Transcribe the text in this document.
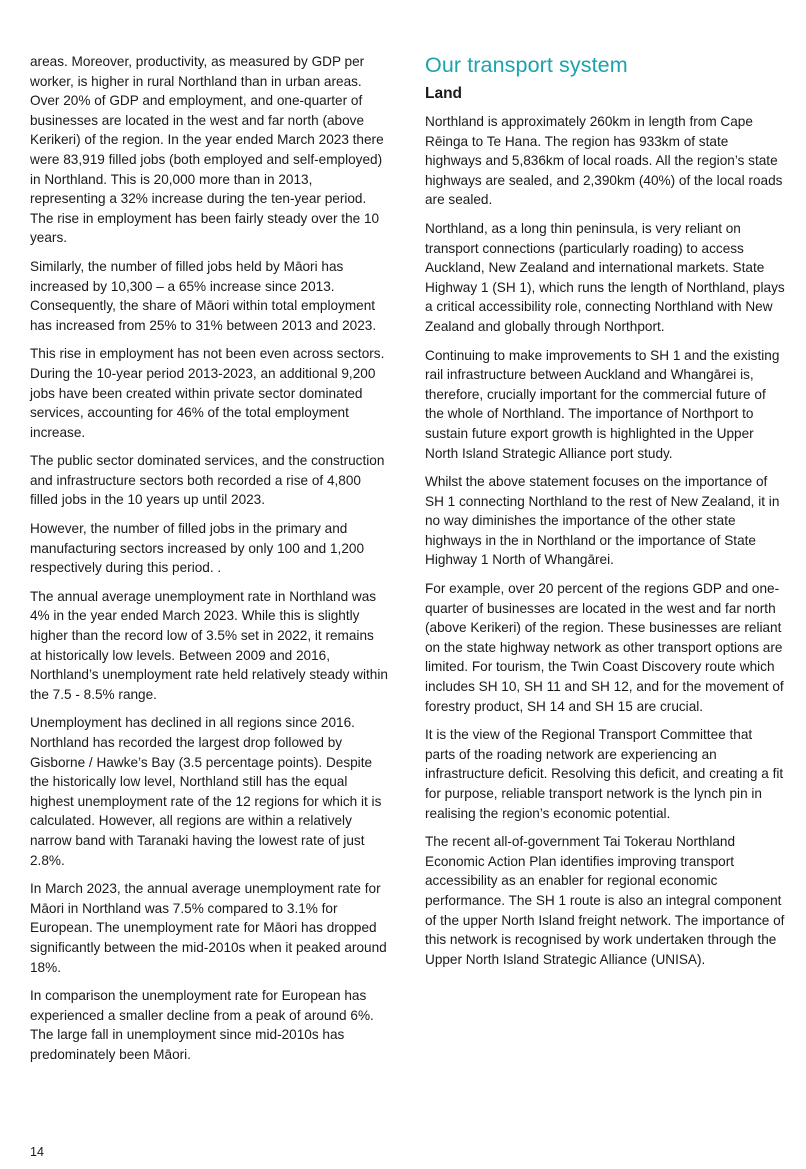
areas. Moreover, productivity, as measured by GDP per worker, is higher in rural Northland than in urban areas. Over 20% of GDP and employment, and one-quarter of businesses are located in the west and far north (above Kerikeri) of the region. In the year ended March 2023 there were 83,919 filled jobs (both employed and self-employed) in Northland. This is 20,000 more than in 2013, representing a 32% increase during the ten-year period. The rise in employment has been fairly steady over the 10 years.

Similarly, the number of filled jobs held by Māori has increased by 10,300 – a 65% increase since 2013. Consequently, the share of Māori within total employment has increased from 25% to 31% between 2013 and 2023.

This rise in employment has not been even across sectors. During the 10-year period 2013-2023, an additional 9,200 jobs have been created within private sector dominated services, accounting for 46% of the total employment increase.

The public sector dominated services, and the construction and infrastructure sectors both recorded a rise of 4,800 filled jobs in the 10 years up until 2023.

However, the number of filled jobs in the primary and manufacturing sectors increased by only 100 and 1,200 respectively during this period. .

The annual average unemployment rate in Northland was 4% in the year ended March 2023. While this is slightly higher than the record low of 3.5% set in 2022, it remains at historically low levels. Between 2009 and 2016, Northland’s unemployment rate held relatively steady within the 7.5 - 8.5% range.

Unemployment has declined in all regions since 2016. Northland has recorded the largest drop followed by Gisborne / Hawke’s Bay (3.5 percentage points). Despite the historically low level, Northland still has the equal highest unemployment rate of the 12 regions for which it is calculated. However, all regions are within a relatively narrow band with Taranaki having the lowest rate of just 2.8%.

In March 2023, the annual average unemployment rate for Māori in Northland was 7.5% compared to 3.1% for European. The unemployment rate for Māori has dropped significantly between the mid-2010s when it peaked around 18%.

In comparison the unemployment rate for European has experienced a smaller decline from a peak of around 6%. The large fall in unemployment since mid-2010s has predominately been Māori.

Our transport system
Land

Northland is approximately 260km in length from Cape Rēinga to Te Hana. The region has 933km of state highways and 5,836km of local roads. All the region’s state highways are sealed, and 2,390km (40%) of the local roads are sealed.

Northland, as a long thin peninsula, is very reliant on transport connections (particularly roading) to access Auckland, New Zealand and international markets. State Highway 1 (SH 1), which runs the length of Northland, plays a critical accessibility role, connecting Northland with New Zealand and globally through Northport.

Continuing to make improvements to SH 1 and the existing rail infrastructure between Auckland and Whangārei is, therefore, crucially important for the commercial future of the whole of Northland. The importance of Northport to sustain future export growth is highlighted in the Upper North Island Strategic Alliance port study.

Whilst the above statement focuses on the importance of SH 1 connecting Northland to the rest of New Zealand, it in no way diminishes the importance of the other state highways in the in Northland or the importance of State Highway 1 North of Whangārei.

For example, over 20 percent of the regions GDP and one-quarter of businesses are located in the west and far north (above Kerikeri) of the region. These businesses are reliant on the state highway network as other transport options are limited. For tourism, the Twin Coast Discovery route which includes SH 10, SH 11 and SH 12, and for the movement of forestry product, SH 14 and SH 15 are crucial.

It is the view of the Regional Transport Committee that parts of the roading network are experiencing an infrastructure deficit. Resolving this deficit, and creating a fit for purpose, reliable transport network is the lynch pin in realising the region’s economic potential.

The recent all-of-government Tai Tokerau Northland Economic Action Plan identifies improving transport accessibility as an enabler for regional economic performance. The SH 1 route is also an integral component of the upper North Island freight network. The importance of this network is recognised by work undertaken through the Upper North Island Strategic Alliance (UNISA).

14
